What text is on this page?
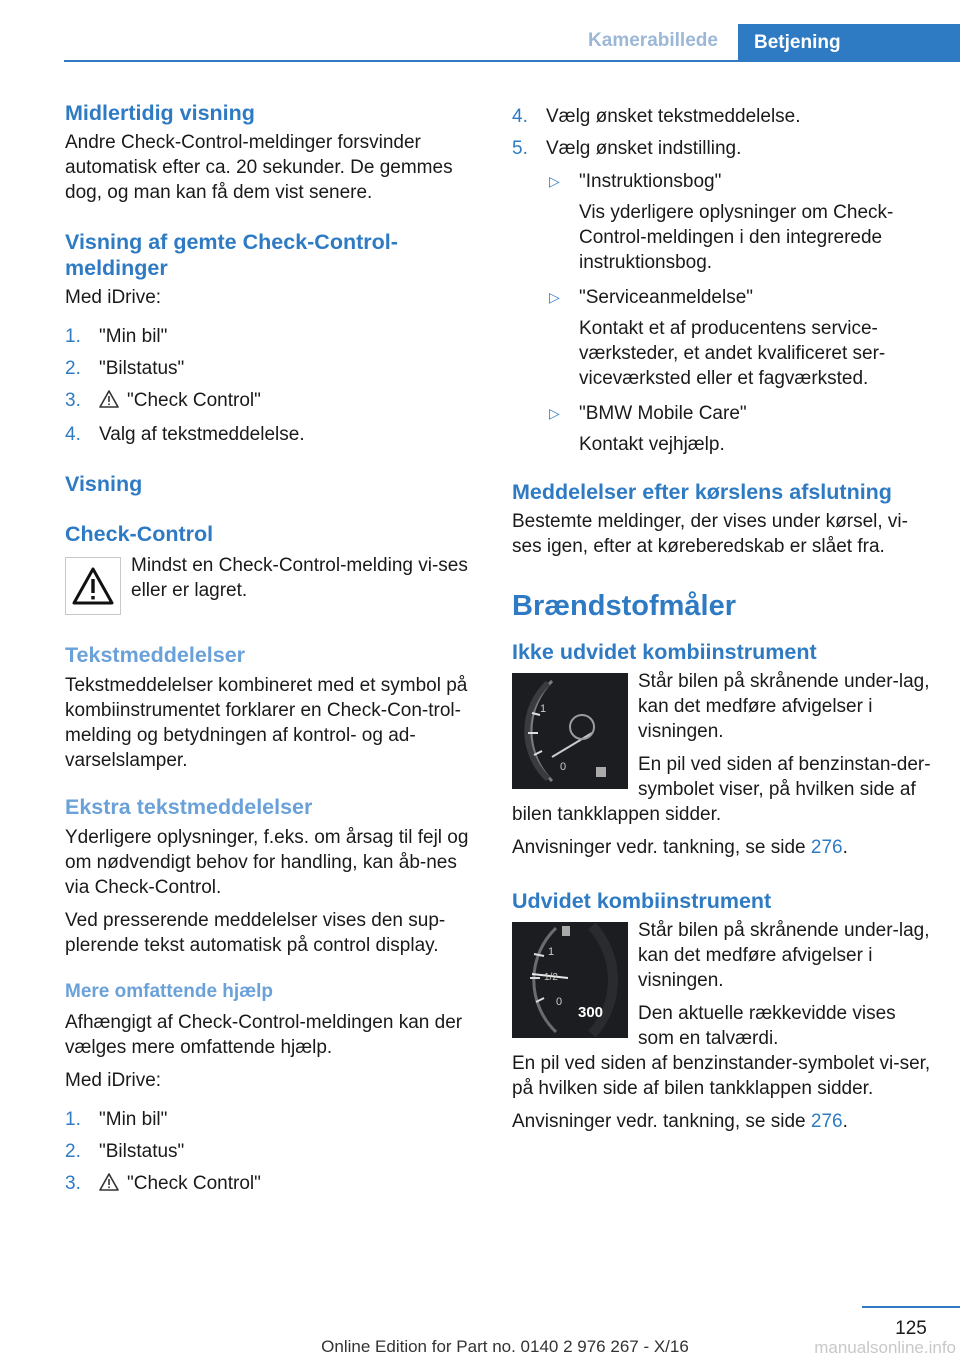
Kamerabillede	Betjening
Midlertidig visning

Andre Check-Control-meldinger forsvinder automatisk efter ca. 20 sekunder. De gemmes dog, og man kan få dem vist senere.

Visning af gemte Check-Control-meldinger

Med iDrive:

1. "Min bil"
2. "Bilstatus"
3. "Check Control"
4. Valg af tekstmeddelelse.
Visning
Check-Control

Mindst en Check-Control-melding vi-ses eller er lagret.

Tekstmeddelelser

Tekstmeddelelser kombineret med et symbol på kombiinstrumentet forklarer en Check-Con-trol-melding og betydningen af kontrol- og ad-varselslamper.

Ekstra tekstmeddelelser

Yderligere oplysninger, f.eks. om årsag til fejl og om nødvendigt behov for handling, kan åb-nes via Check-Control.

Ved presserende meddelelser vises den sup-plerende tekst automatisk på control display.

Mere omfattende hjælp

Afhængigt af Check-Control-meldingen kan der vælges mere omfattende hjælp.

Med iDrive:

1. "Min bil"
2. "Bilstatus"
3. "Check Control"
4. Vælg ønsket tekstmeddelelse.
5. Vælg ønsket indstilling.
▷ "Instruktionsbog"
Vis yderligere oplysninger om Check-Control-meldingen i den integrerede instruktionsbog.
▷ "Serviceanmeldelse"
Kontakt et af producentens service-værksteder, et andet kvalificeret ser-viceværksted eller et fagværksted.
▷ "BMW Mobile Care"
Kontakt vejhjælp.
Meddelelser efter kørslens afslutning

Bestemte meldinger, der vises under kørsel, vi-ses igen, efter at køreberedskab er slået fra.

Brændstofmåler
Ikke udvidet kombiinstrument
1
0

Står bilen på skrånende under-lag, kan det medføre afvigelser i visningen.

En pil ved siden af benzinstan-der-symbolet viser, på hvilken side af bilen tankklappen sidder.

Anvisninger vedr. tankning, se side 276.

Udvidet kombiinstrument
1
1/2
0
300

Står bilen på skrånende under-lag, kan det medføre afvigelser i visningen.

Den aktuelle rækkevidde vises som en talværdi.

En pil ved siden af benzinstander-symbolet vi-ser, på hvilken side af bilen tankklappen sidder.

Anvisninger vedr. tankning, se side 276.

125
Online Edition for Part no. 0140 2 976 267 - X/16	manualsonline.info
